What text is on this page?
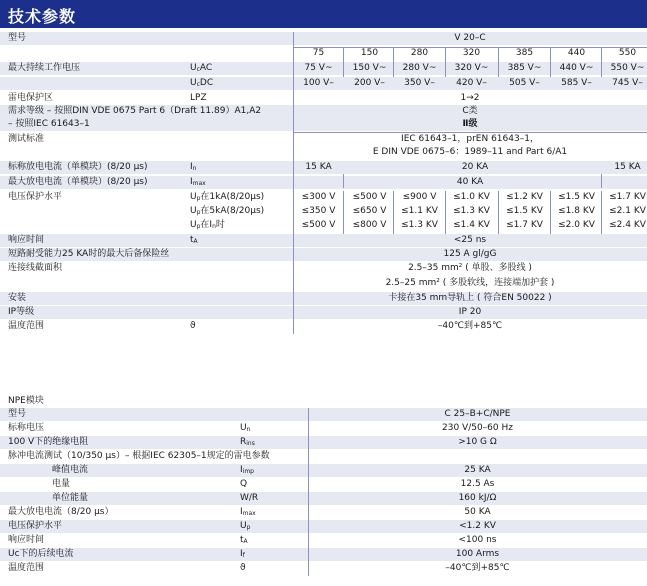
技术参数
型号	V 20–C
75	150	280	320	385	440	550
最大持续工作电压	$U_cAC$	75 V~	150 V~	280 V~	320 V~	385 V~	440 V~	550 V~
$U_cDC$	100 V–	200 V–	350 V–	420 V–	505 V–	585 V–	745 V–
雷电保护区	LPZ	1→2
需求等级 – 按照DIN VDE 0675 Part 6（Draft 11.89）A1,A2	C类
– 按照IEC 61643–1	Ⅱ级
测试标准	IEC 61643–1，prEN 61643–1，
E DIN VDE 0675–6：1989–11 and Part 6/A1
标称放电电流（单模块）(8/20 µs)	$I_n$	15 KA	20 KA	15 KA
最大放电电流（单模块）(8/20 µs)	$I_{max}$	40 KA
电压保护水平	$U_p$在1kA(8/20µs)	≤300 V	≤500 V	≤900 V	≤1.0 KV	≤1.2 KV	≤1.5 KV	≤1.7 KV
$U_p$在5kA(8/20µs)	≤350 V	≤650 V	≤1.1 KV	≤1.3 KV	≤1.5 KV	≤1.8 KV	≤2.1 KV
$U_p$在$I_n$时	≤500 V	≤800 V	≤1.3 KV	≤1.4 KV	≤1.7 KV	≤2.0 KV	≤2.4 KV
响应时间	$t_A$	<25 ns
短路耐受能力25 KA时的最大后备保险丝	125 A gl/gG
连接线截面积	2.5–35 mm² ( 单股、多股线 )
2.5–25 mm² ( 多股软线，连接端加护套 )
安装	卡接在35 mm导轨上 ( 符合EN 50022 )
IP等级	IP 20
温度范围	ϑ	–40℃到+85℃
NPE模块
型号	C 25–B+C/NPE
标称电压	$U_n$	230 V/50–60 Hz
100 V下的绝缘电阻	$R_{ins}$	>10 G Ω
脉冲电流测试（10/350 µs）– 根据IEC 62305–1规定的雷电参数
峰值电流	$I_{imp}$	25 KA
电量	Q	12.5 As
单位能量	W/R	160 kJ/Ω
最大放电电流（8/20 µs）	$I_{max}$	50 KA
电压保护水平	$U_p$	<1.2 KV
响应时间	$t_A$	<100 ns
Uc下的后续电流	$I_f$	100 Arms
温度范围	ϑ	–40℃到+85℃
